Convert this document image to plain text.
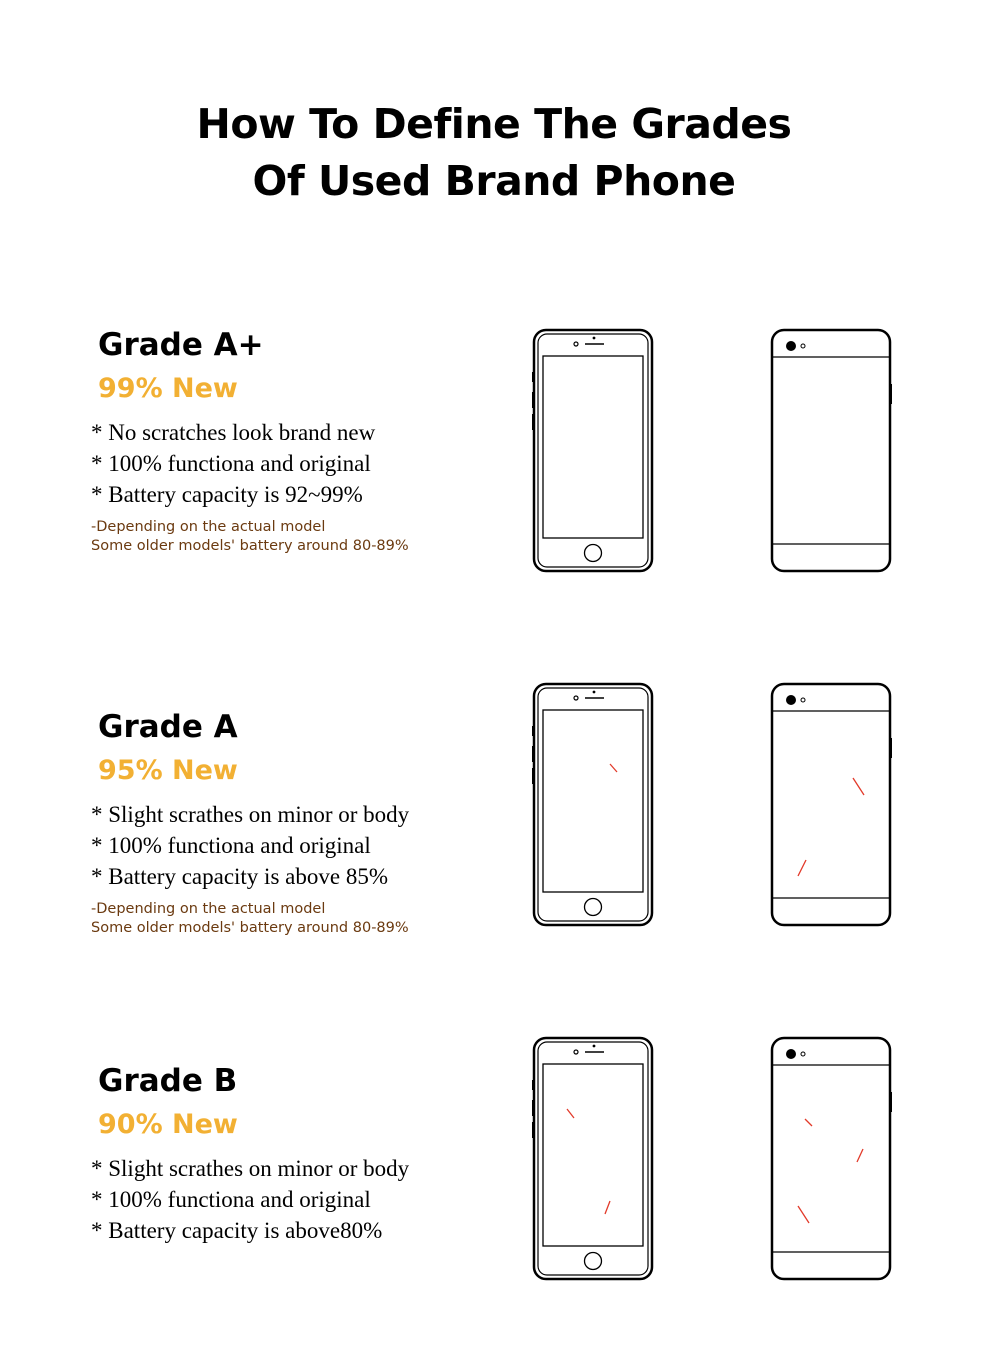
How To Define The Grades
Of Used Brand Phone
Grade A+
99% New
* No scratches look brand new
* 100% functiona and original
* Battery capacity is 92~99%
-Depending on the actual model
Some older models' battery around 80-89%
Grade A
95% New
* Slight scrathes on minor or body
* 100% functiona and original
* Battery capacity is above 85%
-Depending on the actual model
Some older models' battery around 80-89%
Grade B
90% New
* Slight scrathes on minor or body
* 100% functiona and original
* Battery capacity is above80%
